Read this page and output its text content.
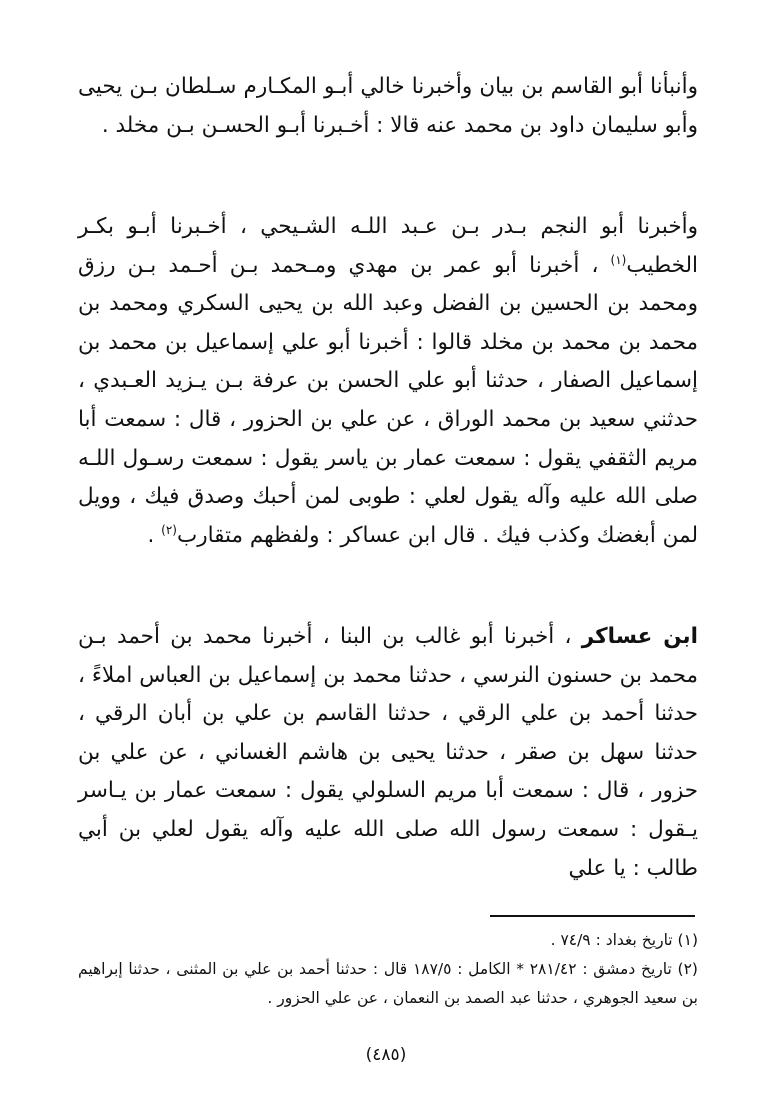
وأنبأنا أبو القاسم بن بيان وأخبرنا خالي أبـو المكـارم سـلطان بـن يحيى وأبو سليمان داود بن محمد عنه قالا : أخـبرنا أبـو الحسـن بـن مخلد .

وأخبرنا أبو النجم بـدر بـن عـبد اللـه الشـيحي ، أخـبرنا أبـو بكـر الخطيب$^{(١)}$ ، أخبرنا أبو عمر بن مهدي ومـحمد بـن أحـمد بـن رزق ومحمد بن الحسين بن الفضل وعبد الله بن يحيى السكري ومحمد بن محمد بن محمد بن مخلد قالوا : أخبرنا أبو علي إسماعيل بن محمد بن إسماعيل الصفار ، حدثنا أبو علي الحسن بن عرفة بـن يـزيد العـبدي ، حدثني سعيد بن محمد الوراق ، عن علي بن الحزور ، قال : سمعت أبا مريم الثقفي يقول : سمعت عمار بن ياسر يقول : سمعت رسـول اللـه صلى الله عليه وآله يقول لعلي : طوبى لمن أحبك وصدق فيك ، وويل لمن أبغضك وكذب فيك . قال ابن عساكر : ولفظهم متقارب$^{(٢)}$ .

ابن عساكر ، أخبرنا أبو غالب بن البنا ، أخبرنا محمد بن أحمد بـن محمد بن حسنون النرسي ، حدثنا محمد بن إسماعيل بن العباس املاءً ، حدثنا أحمد بن علي الرقي ، حدثنا القاسم بن علي بن أبان الرقي ، حدثنا سهل بن صقر ، حدثنا يحيى بن هاشم الغساني ، عن علي بن حزور ، قال : سمعت أبا مريم السلولي يقول : سمعت عمار بن يـاسر يـقول : سمعت رسول الله صلى الله عليه وآله يقول لعلي بن أبي طالب : يا علي

(١) تاريخ بغداد : ٧٤/٩ .

(٢) تاريخ دمشق : ٢٨١/٤٢ * الكامل : ١٨٧/٥ قال : حدثنا أحمد بن علي بن المثنى ، حدثنا إبراهيم بن سعيد الجوهري ، حدثنا عبد الصمد بن النعمان ، عن علي الحزور .

(٤٨٥)
